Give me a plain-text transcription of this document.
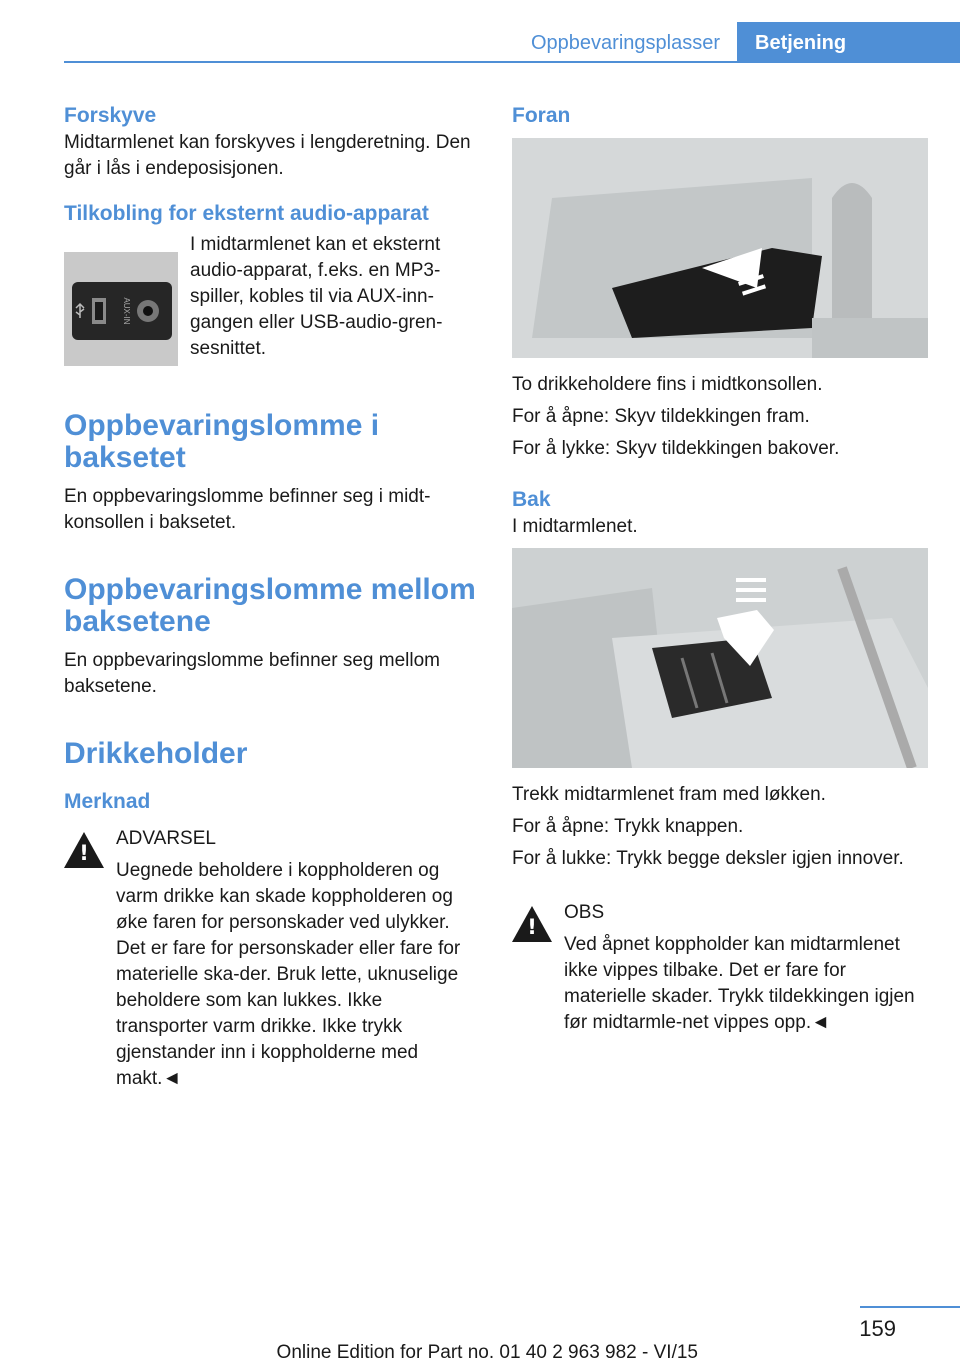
Oppbevaringsplasser	Betjening
Forskyve

Midtarmlenet kan forskyves i lengderetning. Den går i lås i endeposisjonen.

Tilkobling for eksternt audio-apparat
AUX-IN

I midtarmlenet kan et eksternt audio-apparat, f.eks. en MP3-spiller, kobles til via AUX-inn-gangen eller USB-audio-gren-sesnittet.

Oppbevaringslomme i baksetet

En oppbevaringslomme befinner seg i midt-konsollen i baksetet.

Oppbevaringslomme mellom baksetene

En oppbevaringslomme befinner seg mellom baksetene.

Drikkeholder
Merknad
!

ADVARSEL

Uegnede beholdere i koppholderen og varm drikke kan skade koppholderen og øke faren for personskader ved ulykker. Det er fare for personskader eller fare for materielle ska-der. Bruk lette, uknuselige beholdere som kan lukkes. Ikke transporter varm drikke. Ikke trykk gjenstander inn i koppholderne med makt.◄

Foran

To drikkeholdere fins i midtkonsollen.

For å åpne: Skyv tildekkingen fram.

For å lykke: Skyv tildekkingen bakover.

Bak

I midtarmlenet.

Trekk midtarmlenet fram med løkken.

For å åpne: Trykk knappen.

For å lukke: Trykk begge deksler igjen innover.

!

OBS

Ved åpnet koppholder kan midtarmlenet ikke vippes tilbake. Det er fare for materielle skader. Trykk tildekkingen igjen før midtarmle-net vippes opp.◄

159
Online Edition for Part no. 01 40 2 963 982 - VI/15
